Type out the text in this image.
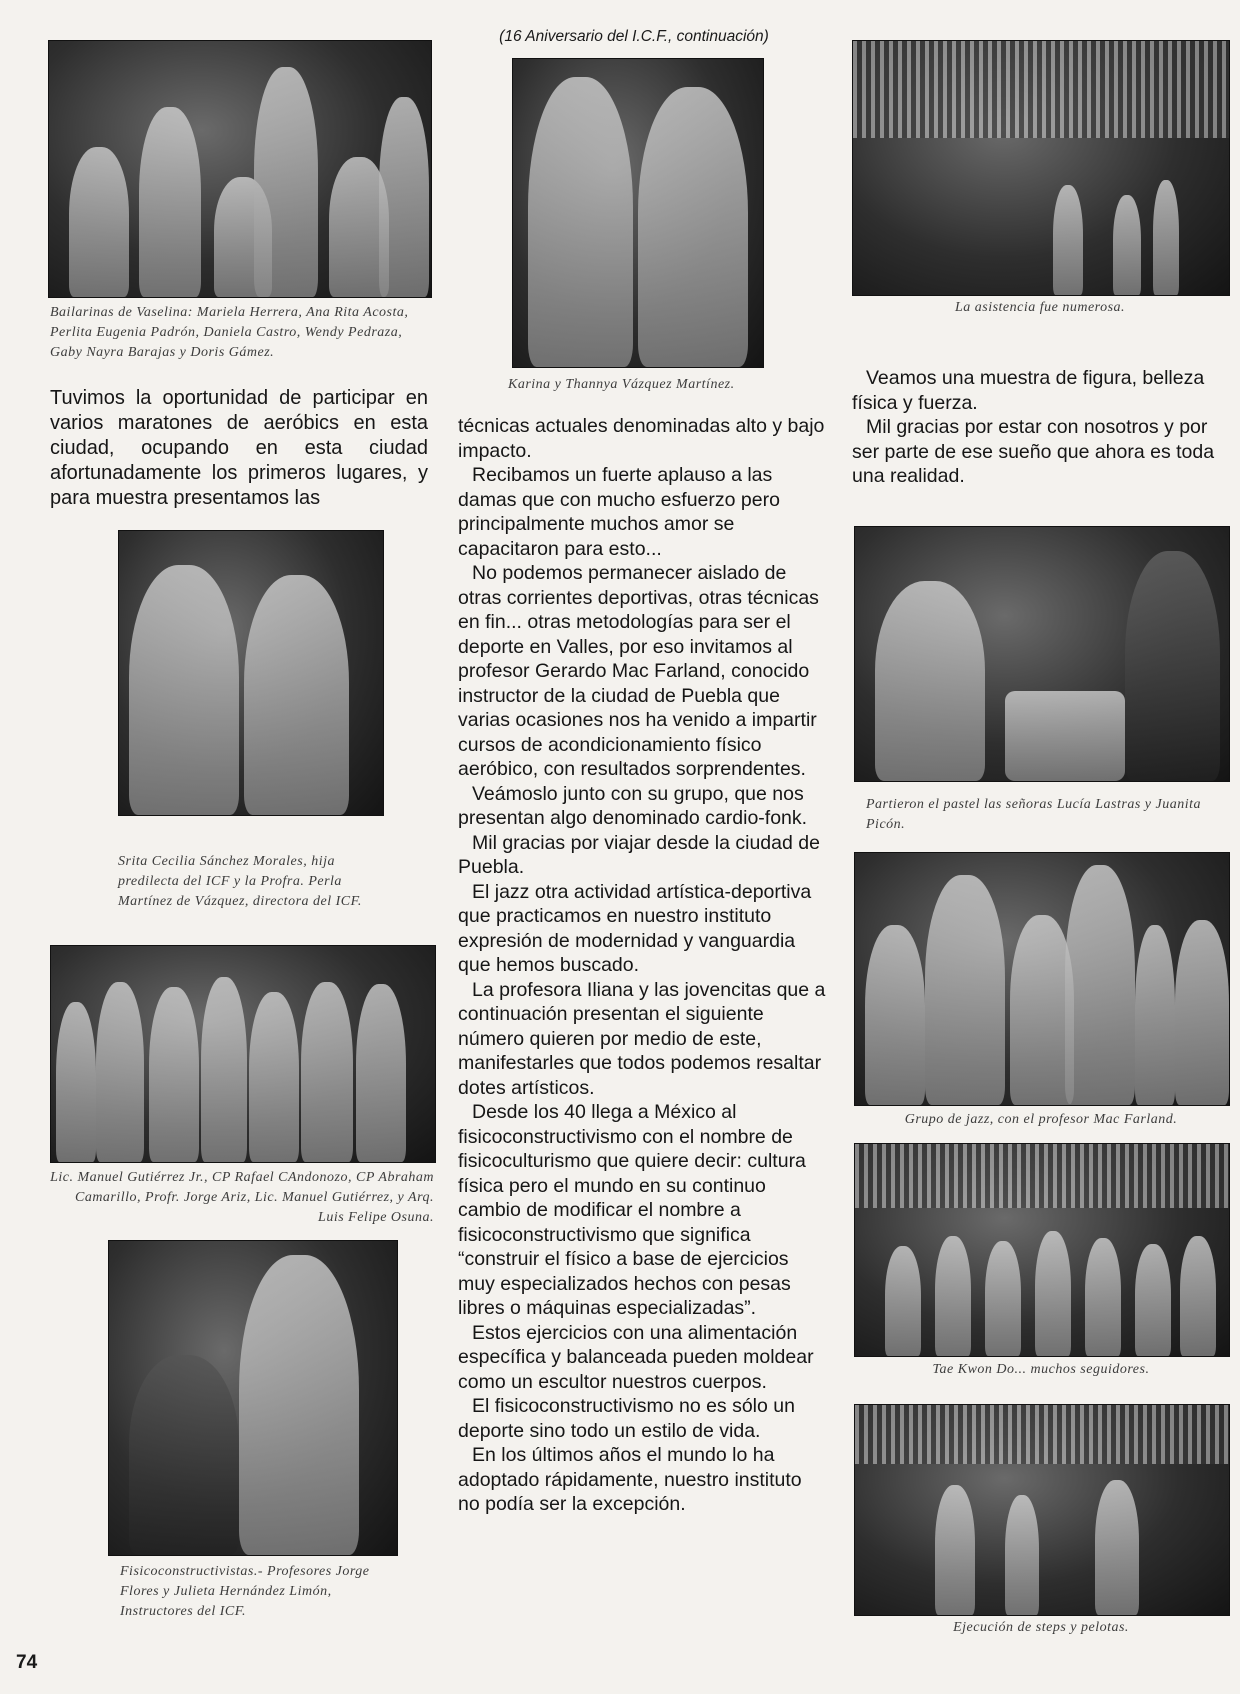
(16 Aniversario del I.C.F., continuación)

Bailarinas de Vaselina: Mariela Herrera, Ana Rita Acosta, Perlita Eugenia Padrón, Daniela Castro, Wendy Pedraza, Gaby Nayra Barajas y Doris Gámez.

Tuvimos la oportunidad de participar en varios maratones de aeróbics en esta ciudad, ocupando en esta ciudad afortunadamente los primeros lugares, y para muestra presentamos las

Srita Cecilia Sánchez Morales, hija predilecta del ICF y la Profra. Perla Martínez de Vázquez, directora del ICF.

Lic. Manuel Gutiérrez Jr., CP Rafael CAndonozo, CP Abraham Camarillo, Profr. Jorge Ariz, Lic. Manuel Gutiérrez, y Arq. Luis Felipe Osuna.

Fisicoconstructivistas.- Profesores Jorge Flores y Julieta Hernández Limón, Instructores del ICF.

Karina y Thannya Vázquez Martínez.

técnicas actuales denominadas alto y bajo impacto.

Recibamos un fuerte aplauso a las damas que con mucho esfuerzo pero principalmente muchos amor se capacitaron para esto...

No podemos permanecer aislado de otras corrientes deportivas, otras técnicas en fin... otras metodologías para ser el deporte en Valles, por eso invitamos al profesor Gerardo Mac Farland, conocido instructor de la ciudad de Puebla que varias ocasiones nos ha venido a impartir cursos de acondicionamiento físico aeróbico, con resultados sorprendentes.

Veámoslo junto con su grupo, que nos presentan algo denominado cardio-fonk.

Mil gracias por viajar desde la ciudad de Puebla.

El jazz otra actividad artística-deportiva que practicamos en nuestro instituto expresión de modernidad y vanguardia que hemos buscado.

La profesora Iliana y las jovencitas que a continuación presentan el siguiente número quieren por medio de este, manifestarles que todos podemos resaltar dotes artísticos.

Desde los 40 llega a México al fisicoconstructivismo con el nombre de fisicoculturismo que quiere decir: cultura física pero el mundo en su continuo cambio de modificar el nombre a fisicoconstructivismo que significa “construir el físico a base de ejercicios muy especializados hechos con pesas libres o máquinas especializadas”.

Estos ejercicios con una alimentación específica y balanceada pueden moldear como un escultor nuestros cuerpos.

El fisicoconstructivismo no es sólo un deporte sino todo un estilo de vida.

En los últimos años el mundo lo ha adoptado rápidamente, nuestro instituto no podía ser la excepción.

La asistencia fue numerosa.

Veamos una muestra de figura, belleza física y fuerza.

Mil gracias por estar con nosotros y por ser parte de ese sueño que ahora es toda una realidad.

Partieron el pastel las señoras Lucía Lastras y Juanita Picón.

Grupo de jazz, con el profesor Mac Farland.

Tae Kwon Do... muchos seguidores.

Ejecución de steps y pelotas.

74
